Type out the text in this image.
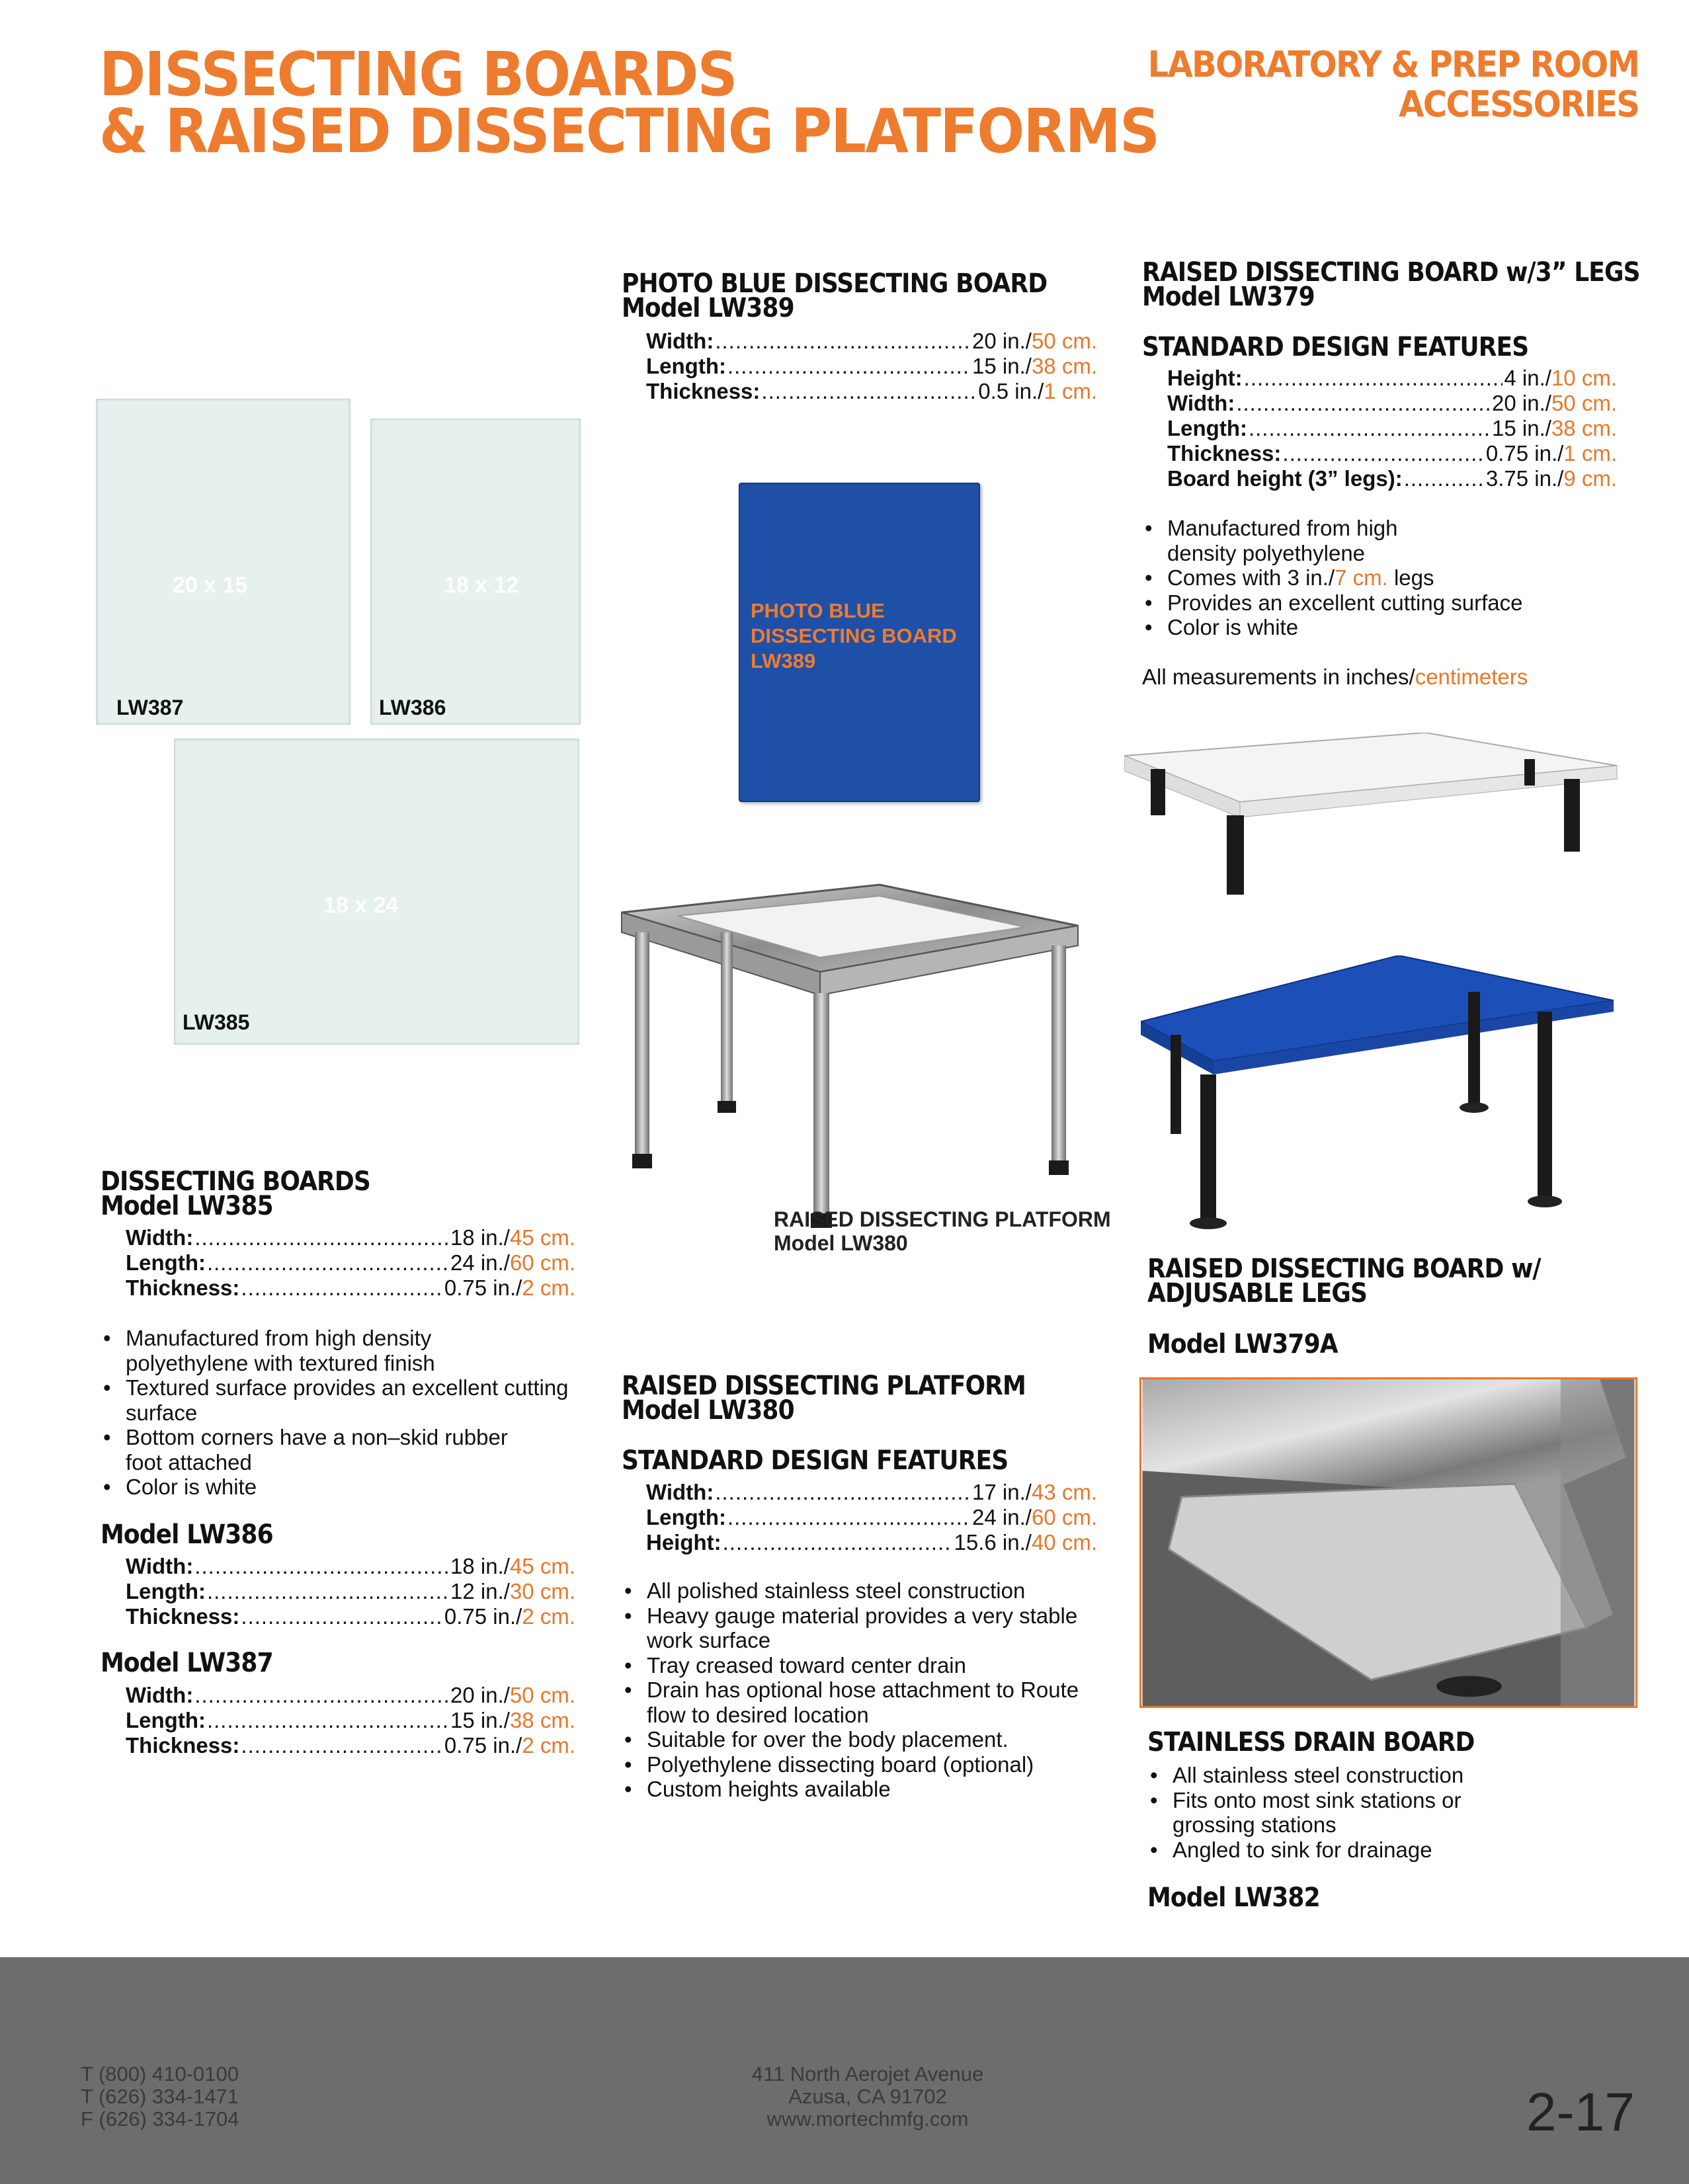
DISSECTING BOARDS
& RAISED DISSECTING PLATFORMS
LABORATORY & PREP ROOM
ACCESSORIES
20 x 15
LW387
18 x 12
LW386
18 x 24
LW385
PHOTO BLUE
DISSECTING BOARD
LW389
PHOTO BLUE DISSECTING BOARD
Model LW389
Width: .....	20 in./ 50 cm.
Length: .....	15 in./ 38 cm.
Thickness: .....	0.5 in./ 1 cm.
RAISED DISSECTING BOARD w/3” LEGS
Model LW379
STANDARD DESIGN FEATURES
Height: .....	4 in./ 10 cm.
Width: .....	20 in./ 50 cm.
Length: .....	15 in./ 38 cm.
Thickness: .....	0.75 in./ 1 cm.
Board height (3” legs): .....	3.75 in./ 9 cm.
• Manufactured from high density polyethylene
• Comes with 3 in./7 cm. legs
• Provides an excellent cutting surface
• Color is white
All measurements in inches/centimeters
RAISED DISSECTING PLATFORM
Model LW380
DISSECTING BOARDS
Model LW385
Width: .....	18 in./ 45 cm.
Length: .....	24 in./ 60 cm.
Thickness: .....	0.75 in./ 2 cm.
• Manufactured from high density polyethylene with textured finish
• Textured surface provides an excellent cutting surface
• Bottom corners have a non–skid rubber foot attached
• Color is white
Model LW386
Width: .....	18 in./ 45 cm.
Length: .....	12 in./ 30 cm.
Thickness: .....	0.75 in./ 2 cm.
Model LW387
Width: .....	20 in./ 50 cm.
Length: .....	15 in./ 38 cm.
Thickness: .....	0.75 in./ 2 cm.
RAISED DISSECTING PLATFORM
Model LW380
STANDARD DESIGN FEATURES
Width: .....	17 in./ 43 cm.
Length: .....	24 in./ 60 cm.
Height: .....	15.6 in./ 40 cm.
• All polished stainless steel construction
• Heavy gauge material provides a very stable work surface
• Tray creased toward center drain
• Drain has optional hose attachment to Route flow to desired location
• Suitable for over the body placement.
• Polyethylene dissecting board (optional)
• Custom heights available
RAISED DISSECTING BOARD w/
ADJUSABLE LEGS
Model LW379A
STAINLESS DRAIN BOARD
• All stainless steel construction
• Fits onto most sink stations or grossing stations
• Angled to sink for drainage
Model LW382
T (800) 410-0100
T (626) 334-1471
F (626) 334-1704
411 North Aerojet Avenue
Azusa, CA 91702
www.mortechmfg.com	2-17
